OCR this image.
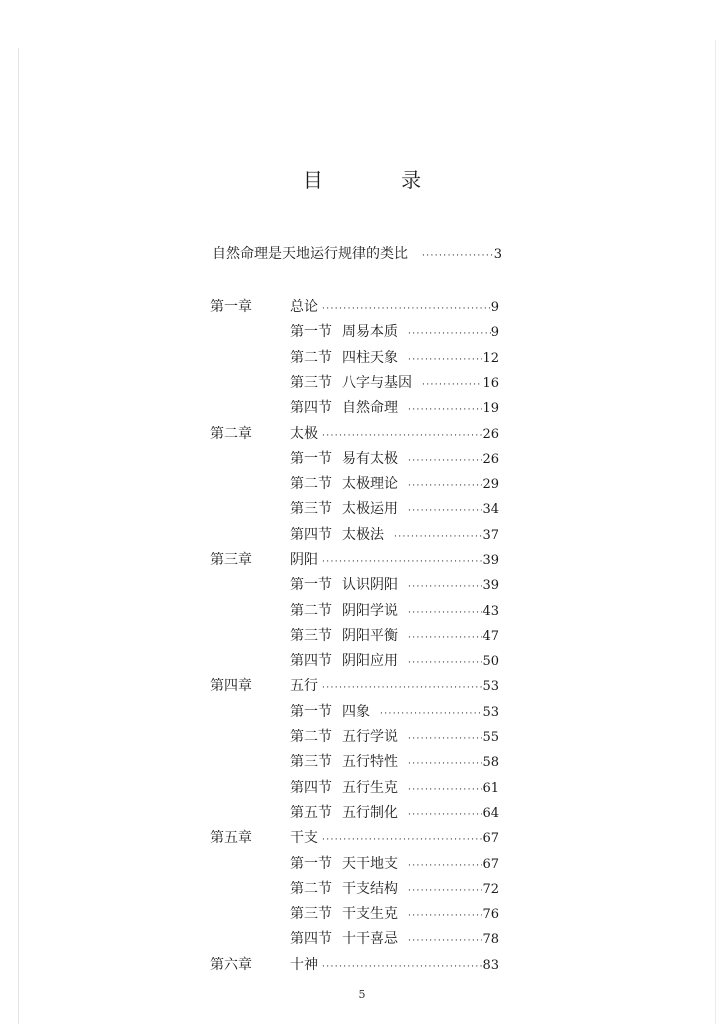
目 录
自然命理是天地运行规律的类比 ·····	3
第一章	总论 ·····	9
第一节 周易本质 ·····	9
第二节 四柱天象 ·····	12
第三节 八字与基因 ·····	16
第四节 自然命理 ·····	19
第二章	太极 ·····	26
第一节 易有太极 ·····	26
第二节 太极理论 ·····	29
第三节 太极运用 ·····	34
第四节 太极法 ·····	37
第三章	阴阳 ·····	39
第一节 认识阴阳 ·····	39
第二节 阴阳学说 ·····	43
第三节 阴阳平衡 ·····	47
第四节 阴阳应用 ·····	50
第四章	五行 ·····	53
第一节 四象 ·····	53
第二节 五行学说 ·····	55
第三节 五行特性 ·····	58
第四节 五行生克 ·····	61
第五节 五行制化 ·····	64
第五章	干支 ·····	67
第一节 天干地支 ·····	67
第二节 干支结构 ·····	72
第三节 干支生克 ·····	76
第四节 十干喜忌 ·····	78
第六章	十神 ·····	83
5
